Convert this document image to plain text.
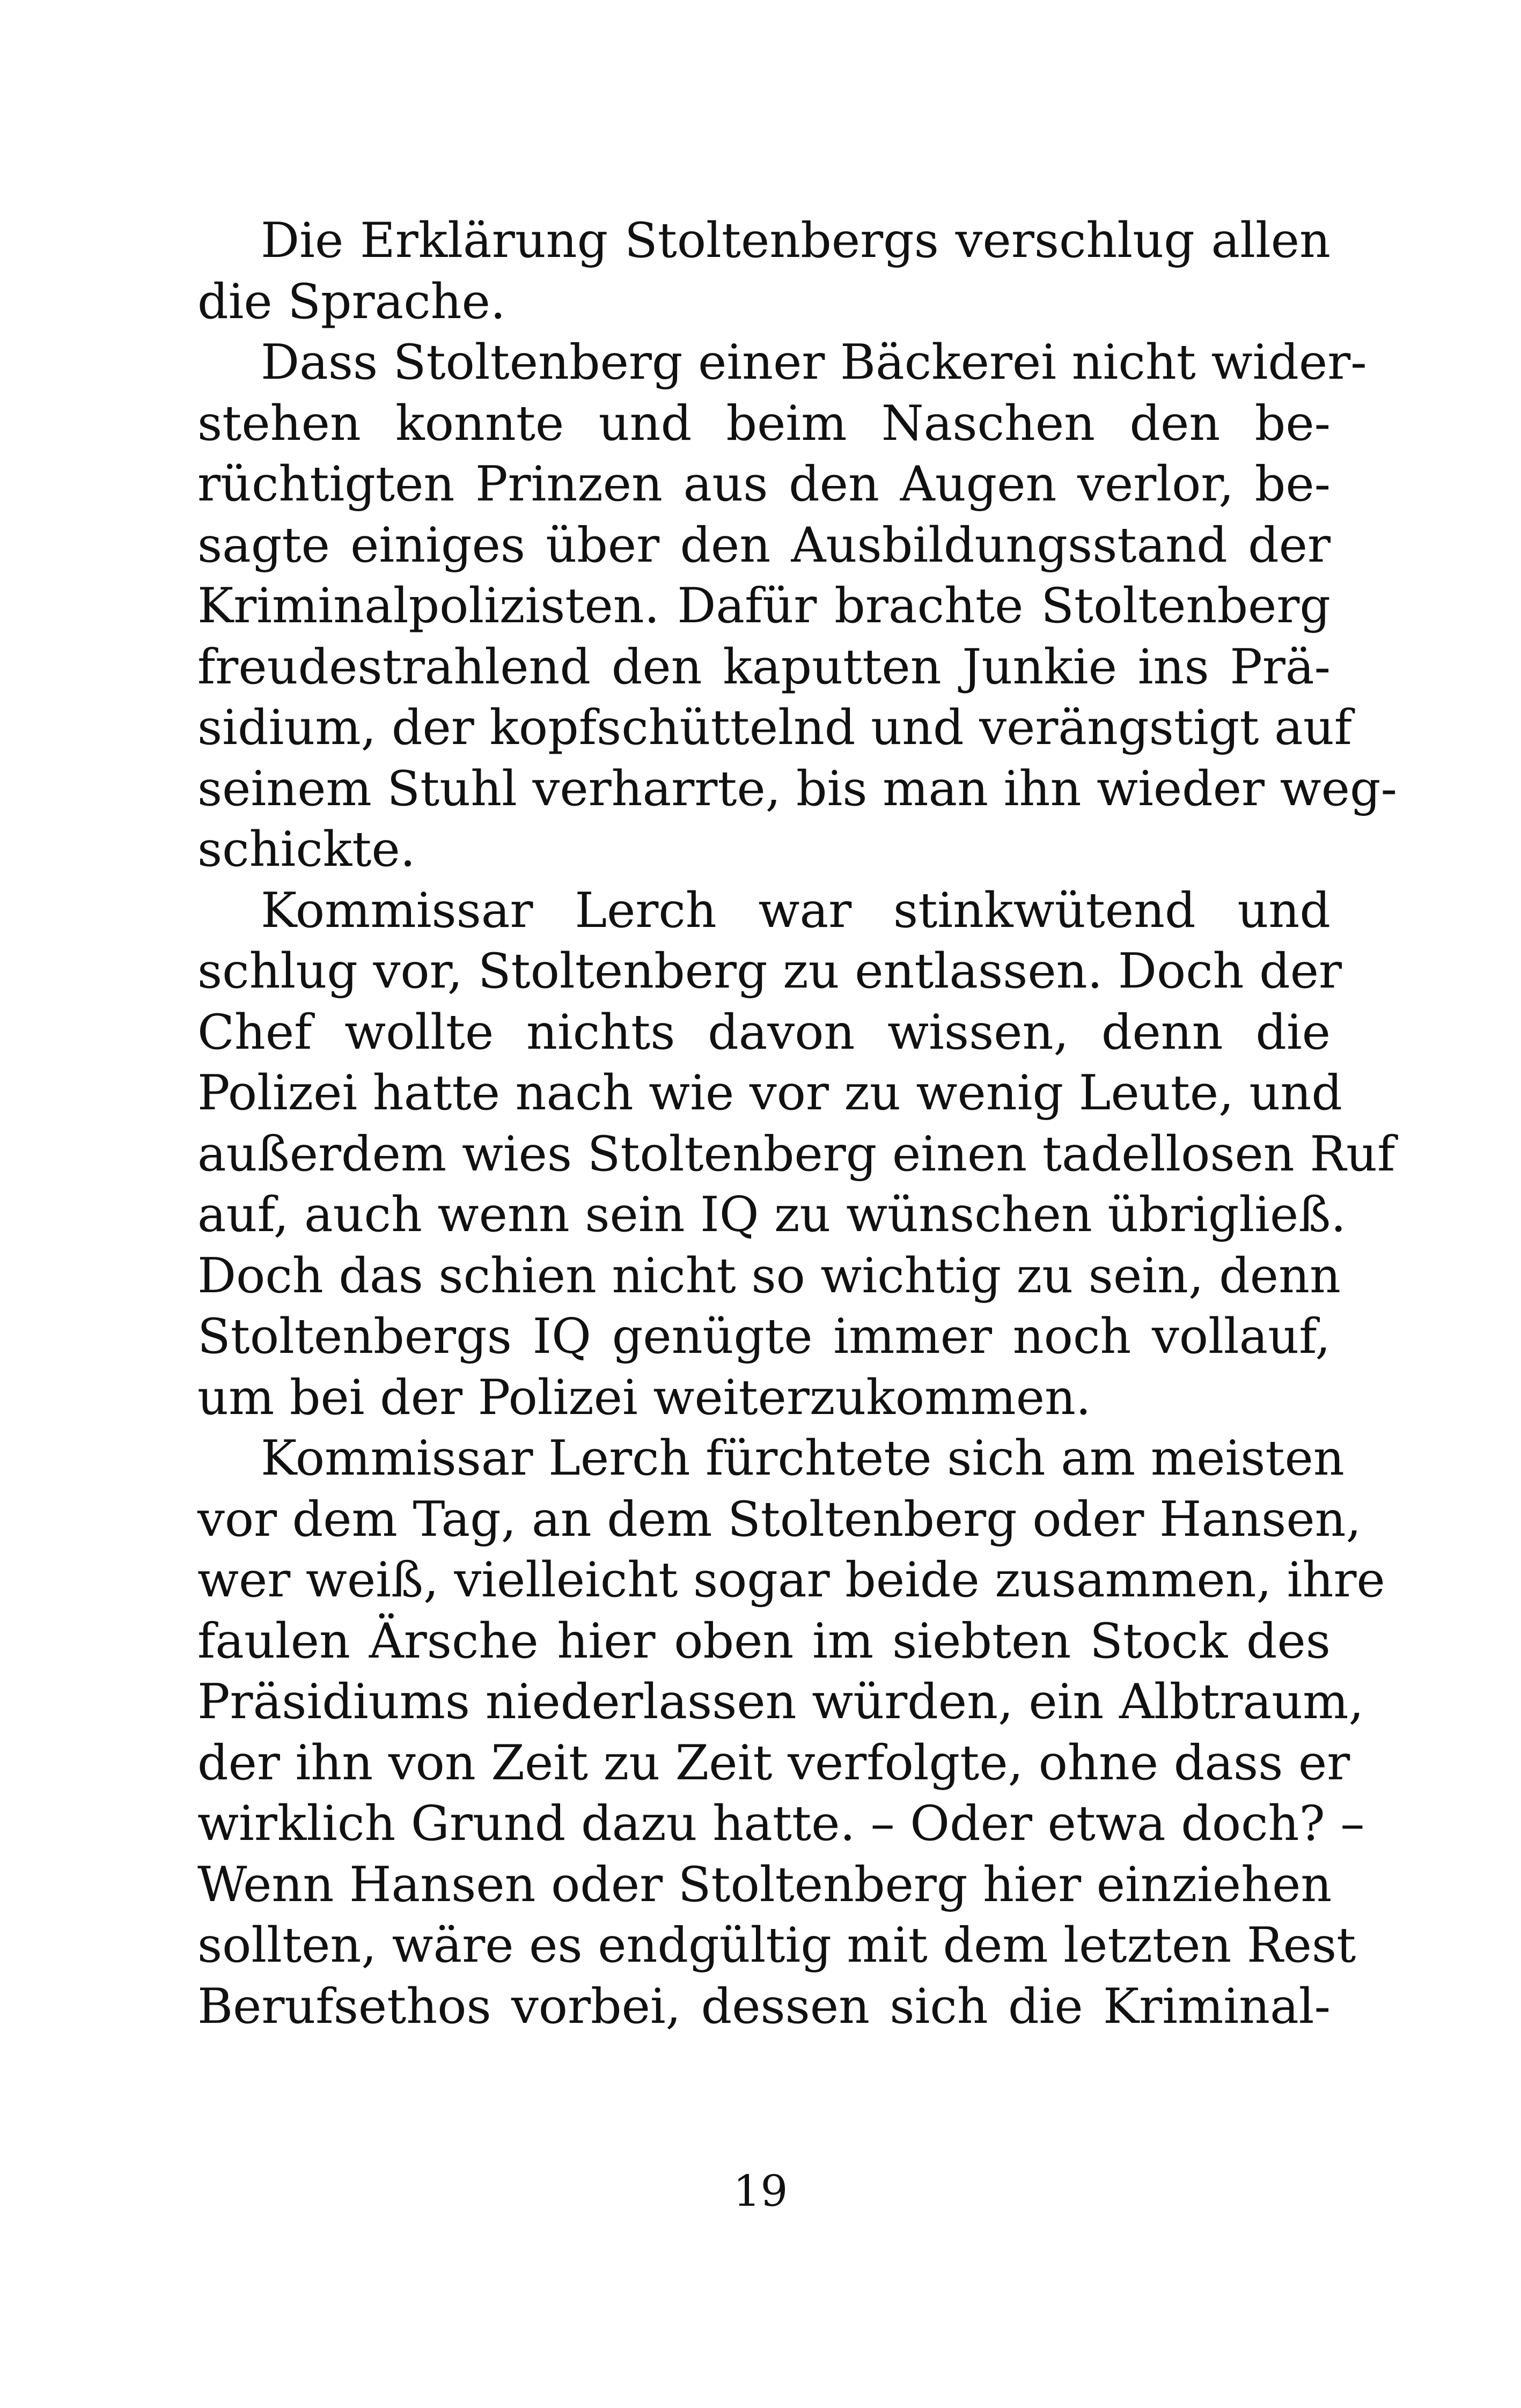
Die Erklärung Stoltenbergs verschlug allen
die Sprache.
Dass Stoltenberg einer Bäckerei nicht wider-
stehen konnte und beim Naschen den be-
rüchtigten Prinzen aus den Augen verlor, be-
sagte einiges über den Ausbildungsstand der
Kriminalpolizisten. Dafür brachte Stoltenberg
freudestrahlend den kaputten Junkie ins Prä-
sidium, der kopfschüttelnd und verängstigt auf
seinem Stuhl verharrte, bis man ihn wieder weg-
schickte.
Kommissar Lerch war stinkwütend und
schlug vor, Stoltenberg zu entlassen. Doch der
Chef wollte nichts davon wissen, denn die
Polizei hatte nach wie vor zu wenig Leute, und
außerdem wies Stoltenberg einen tadellosen Ruf
auf, auch wenn sein IQ zu wünschen übrigließ.
Doch das schien nicht so wichtig zu sein, denn
Stoltenbergs IQ genügte immer noch vollauf,
um bei der Polizei weiterzukommen.
Kommissar Lerch fürchtete sich am meisten
vor dem Tag, an dem Stoltenberg oder Hansen,
wer weiß, vielleicht sogar beide zusammen, ihre
faulen Ärsche hier oben im siebten Stock des
Präsidiums niederlassen würden, ein Albtraum,
der ihn von Zeit zu Zeit verfolgte, ohne dass er
wirklich Grund dazu hatte. – Oder etwa doch? –
Wenn Hansen oder Stoltenberg hier einziehen
sollten, wäre es endgültig mit dem letzten Rest
Berufsethos vorbei, dessen sich die Kriminal-
19
